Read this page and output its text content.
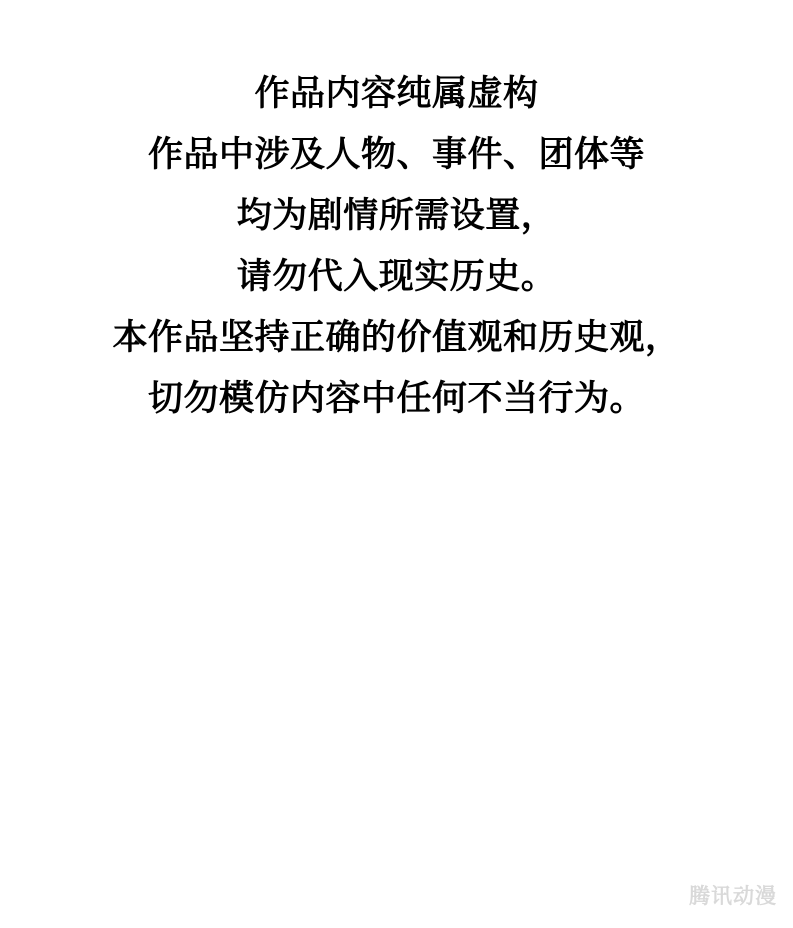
作品内容纯属虚构
作品中涉及人物、事件、团体等
均为剧情所需设置，
请勿代入现实历史。
本作品坚持正确的价值观和历史观，
切勿模仿内容中任何不当行为。
腾讯动漫
